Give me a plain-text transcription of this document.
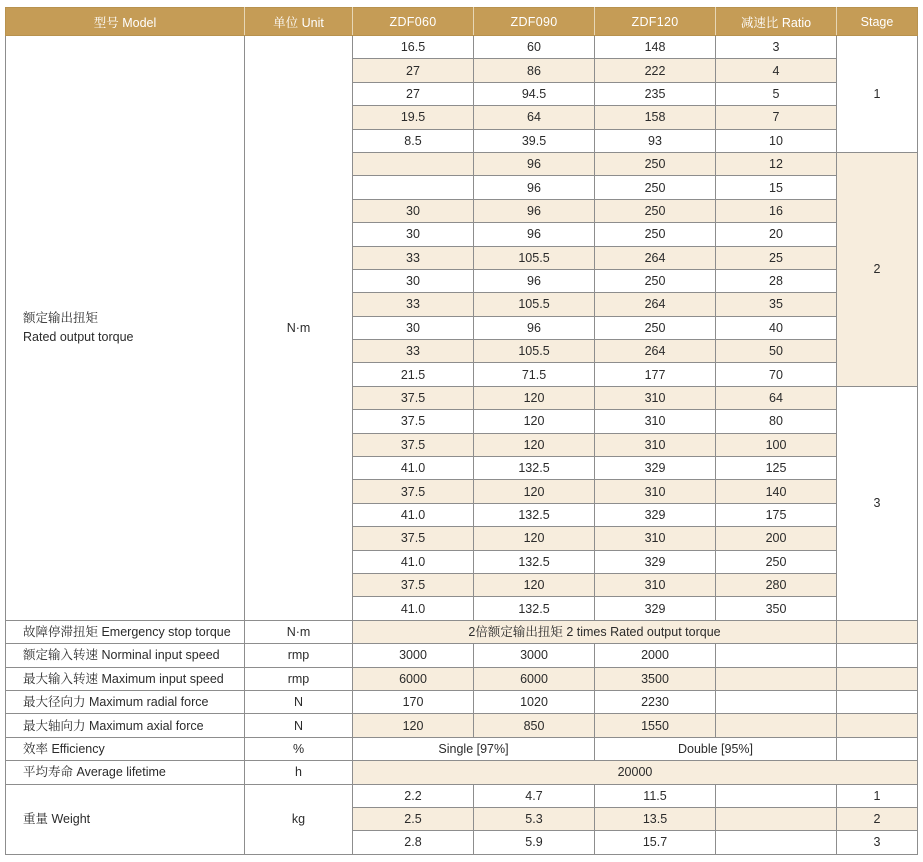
型号 Model	单位 Unit	ZDF060	ZDF090	ZDF120	减速比 Ratio	Stage
额定输出扭矩
Rated output torque	N·m	16.5	60	148	3	1
		27	86	222	4	
		27	94.5	235	5	
		19.5	64	158	7	
		8.5	39.5	93	10	
			96	250	12	2
			96	250	15	
		30	96	250	16	
		30	96	250	20	
		33	105.5	264	25	
		30	96	250	28	
		33	105.5	264	35	
		30	96	250	40	
		33	105.5	264	50	
		21.5	71.5	177	70	
		37.5	120	310	64	3
		37.5	120	310	80	
		37.5	120	310	100	
		41.0	132.5	329	125	
		37.5	120	310	140	
		41.0	132.5	329	175	
		37.5	120	310	200	
		41.0	132.5	329	250	
		37.5	120	310	280	
		41.0	132.5	329	350	
故障停滞扭矩 Emergency stop torque	N·m	2倍额定输出扭矩 2 times Rated output torque				
额定输入转速 Norminal input speed	rmp	3000	3000	2000		
最大输入转速 Maximum input speed	rmp	6000	6000	3500		
最大径向力 Maximum radial force	N	170	1020	2230		
最大轴向力 Maximum axial force	N	120	850	1550		
效率 Efficiency	%	Single [97%]		Double [95%]		
平均寿命 Average lifetime	h	20000				
重量 Weight	kg	2.2	4.7	11.5		1
		2.5	5.3	13.5		2
		2.8	5.9	15.7		3
